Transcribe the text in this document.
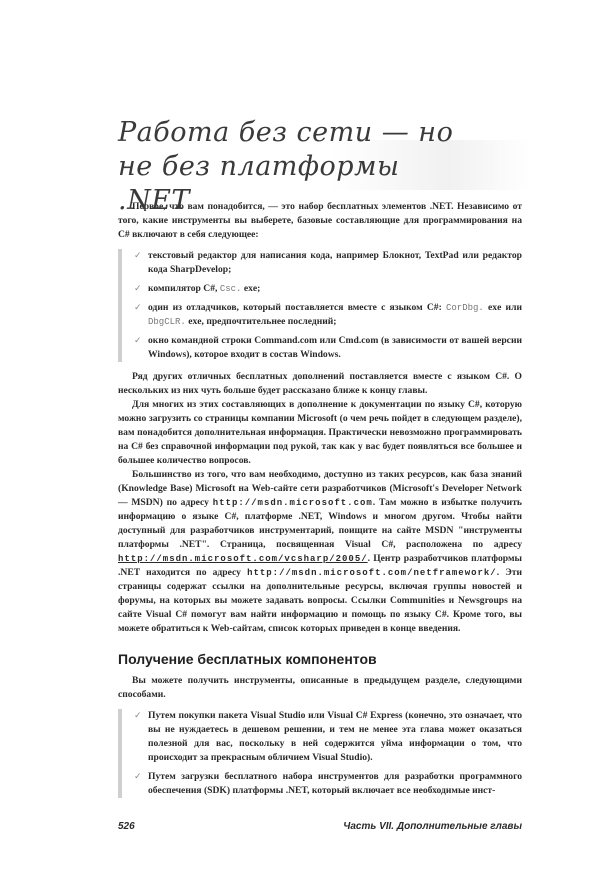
Работа без сети — но не без платформы .NET

Первое, что вам понадобится, — это набор бесплатных элементов .NET. Независимо от того, какие инструменты вы выберете, базовые составляющие для программирования на C# включают в себя следующее:

✓ текстовый редактор для написания кода, например Блокнот, TextPad или редактор кода SharpDevelop;
✓ компилятор C#, Csc. exe;
✓ один из отладчиков, который поставляется вместе с языком C#: CorDbg. exe или DbgCLR. exe, предпочтительнее последний;
✓ окно командной строки Command.com или Cmd.com (в зависимости от вашей версии Windows), которое входит в состав Windows.

Ряд других отличных бесплатных дополнений поставляется вместе с языком C#. О нескольких из них чуть больше будет рассказано ближе к концу главы.

Для многих из этих составляющих в дополнение к документации по языку C#, которую можно загрузить со страницы компании Microsoft (о чем речь пойдет в следующем разделе), вам понадобится дополнительная информация. Практически невозможно программировать на C# без справочной информации под рукой, так как у вас будет появляться все большее и большее количество вопросов.

Большинство из того, что вам необходимо, доступно из таких ресурсов, как база знаний (Knowledge Base) Microsoft на Web-сайте сети разработчиков (Microsoft's Developer Network— MSDN) по адресу http://msdn.microsoft.com. Там можно в избытке получить информацию о языке C#, платформе .NET, Windows и многом другом. Чтобы найти доступный для разработчиков инструментарий, поищите на сайте MSDN "инструменты платформы .NET". Страница, посвященная Visual C#, расположена по адресу http://msdn.microsoft.com/vcsharp/2005/. Центр разработчиков платформы .NET находится по адресу http://msdn.microsoft.com/netframework/. Эти страницы содержат ссылки на дополнительные ресурсы, включая группы новостей и форумы, на которых вы можете задавать вопросы. Ссылки Communities и Newsgroups на сайте Visual C# помогут вам найти информацию и помощь по языку C#. Кроме того, вы можете обратиться к Web-сайтам, список которых приведен в конце введения.

Получение бесплатных компонентов

Вы можете получить инструменты, описанные в предыдущем разделе, следующими способами.

✓ Путем покупки пакета Visual Studio или Visual C# Express (конечно, это означает, что вы не нуждаетесь в дешевом решении, и тем не менее эта глава может оказаться полезной для вас, поскольку в ней содержится уйма информации о том, что происходит за прекрасным обличием Visual Studio).
✓ Путем загрузки бесплатного набора инструментов для разработки программного обеспечения (SDK) платформы .NET, который включает все необходимые инст-
526	Часть VII. Дополнительные главы
